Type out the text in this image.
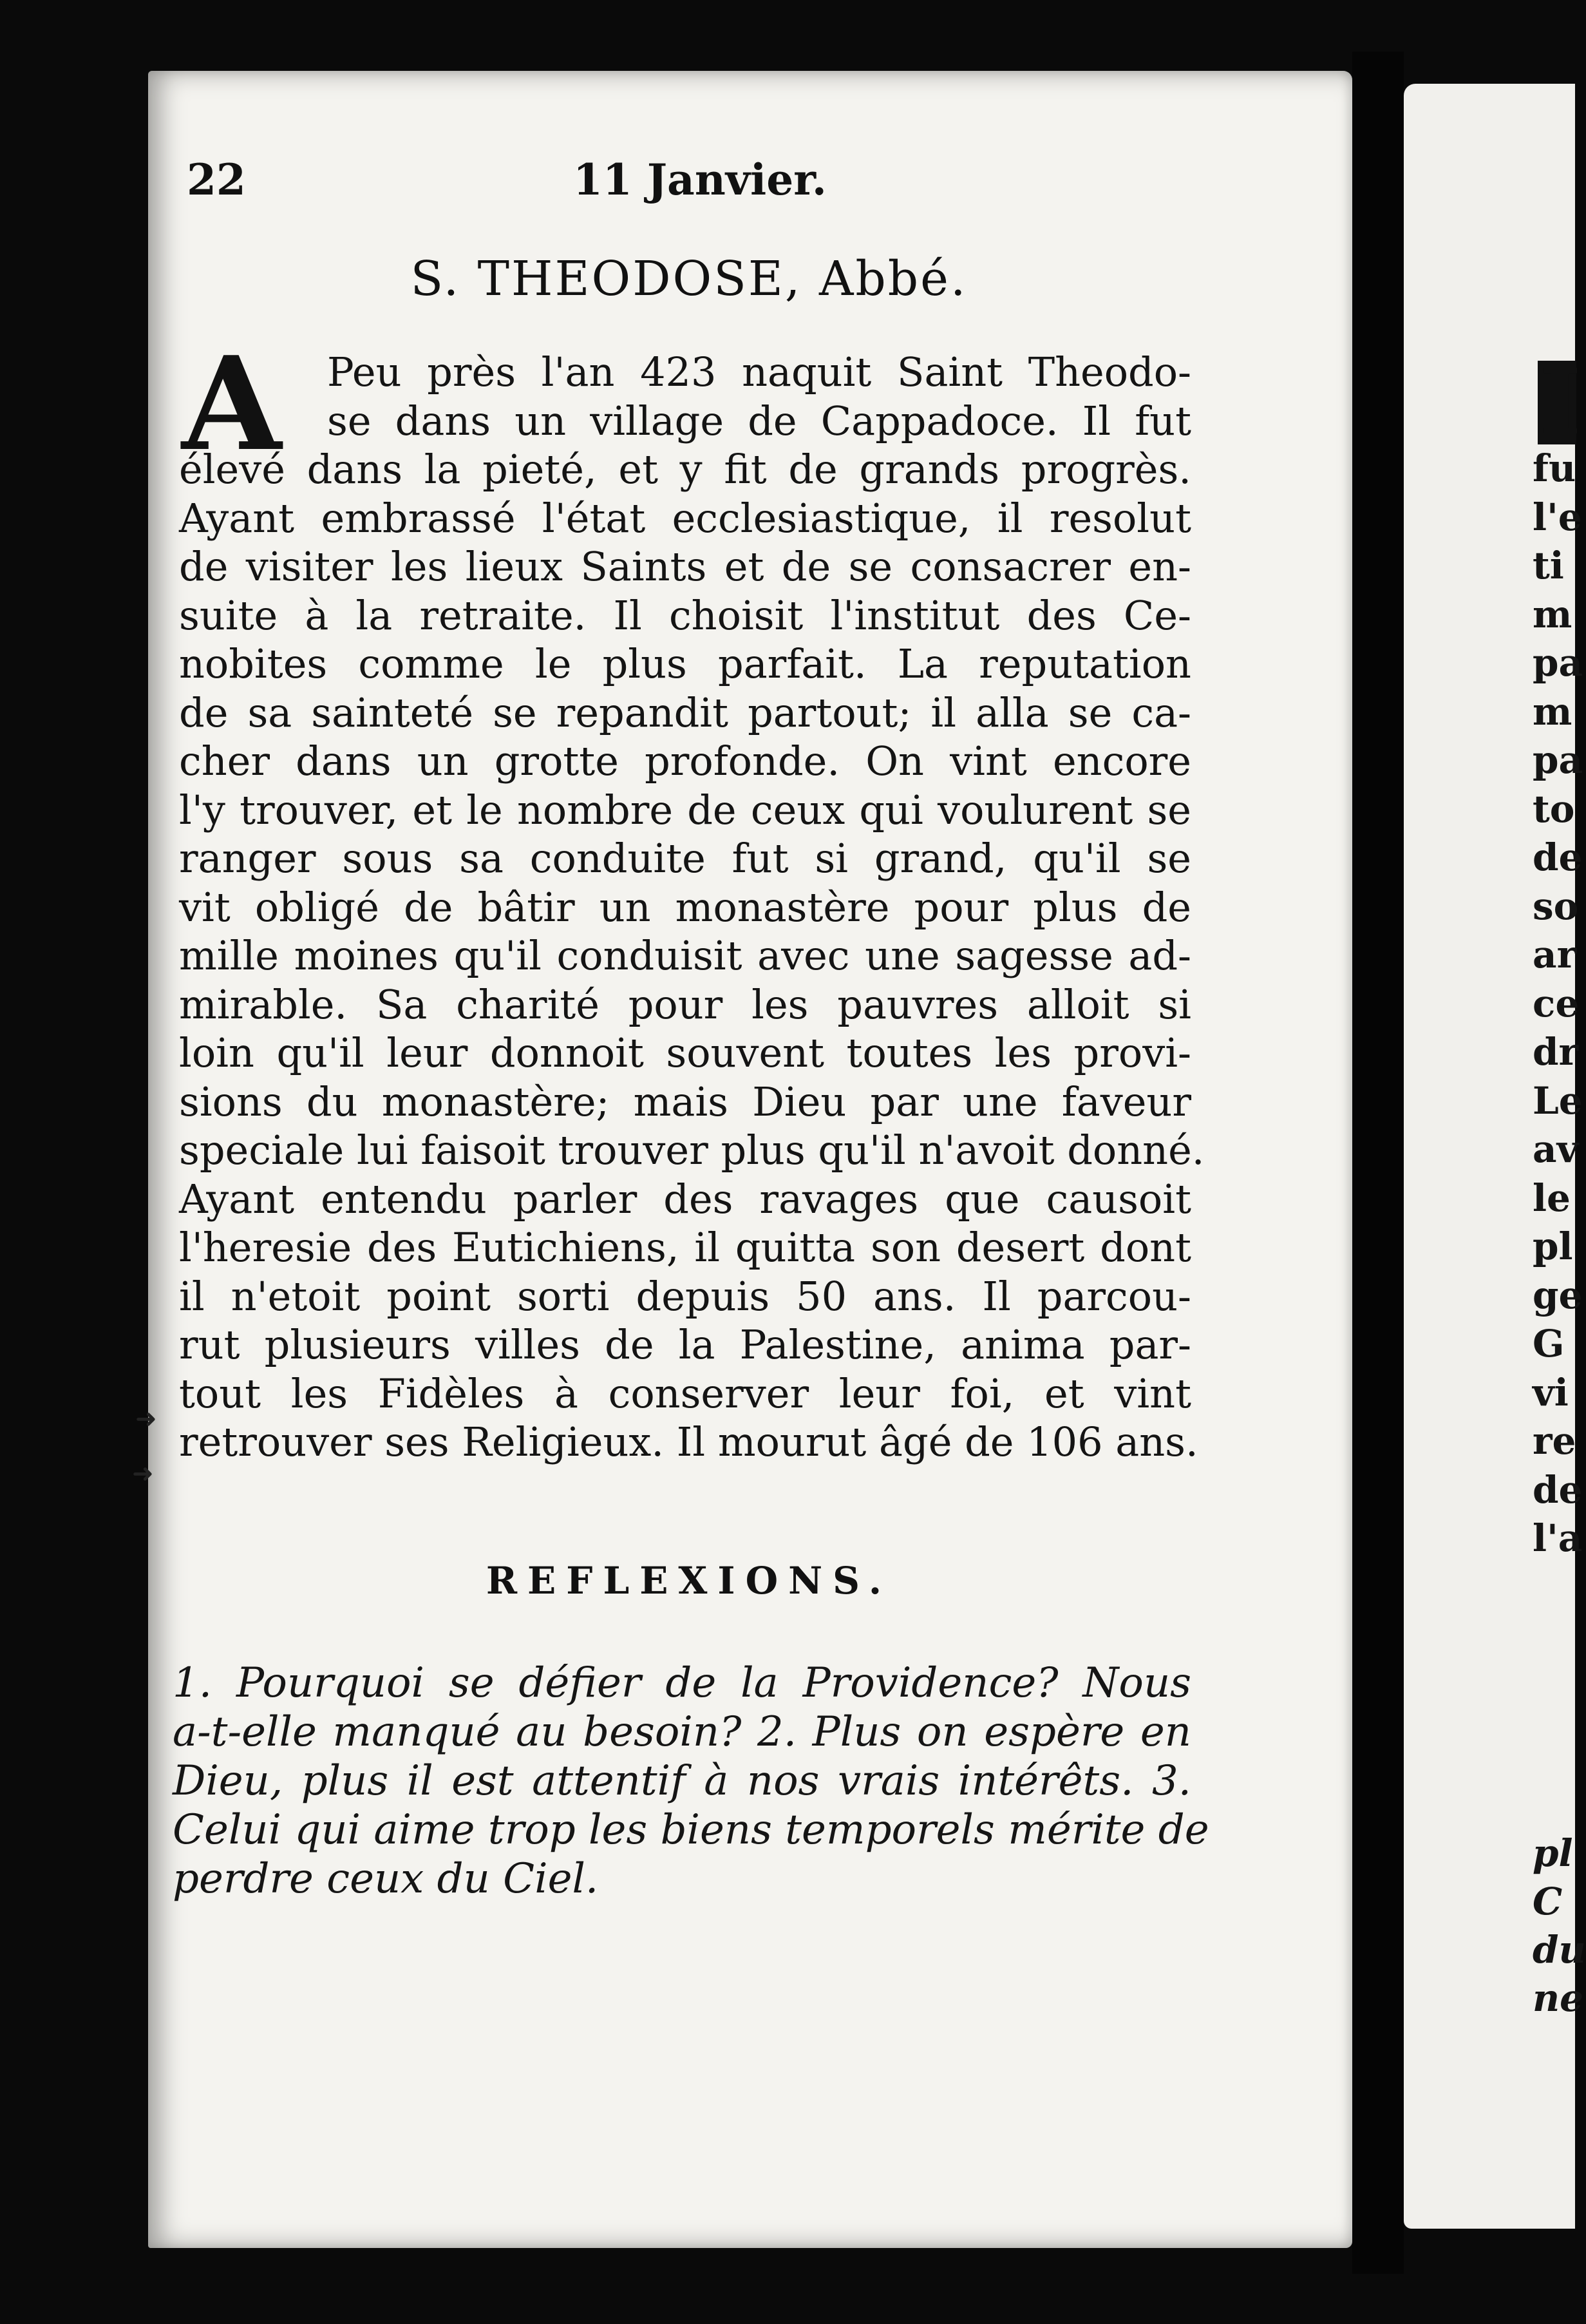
22	11 Janvier.
S. THEODOSE, Abbé.
A	Peu près l'an 423 naquit Saint Theodo-
se dans un village de Cappadoce. Il fut
élevé dans la pieté, et y fit de grands progrès.
Ayant embrassé l'état ecclesiastique, il resolut
de visiter les lieux Saints et de se consacrer en-
suite à la retraite. Il choisit l'institut des Ce-
nobites comme le plus parfait. La reputation
de sa sainteté se repandit partout; il alla se ca-
cher dans un grotte profonde. On vint encore
l'y trouver, et le nombre de ceux qui voulurent se
ranger sous sa conduite fut si grand, qu'il se
vit obligé de bâtir un monastère pour plus de
mille moines qu'il conduisit avec une sagesse ad-
mirable. Sa charité pour les pauvres alloit si
loin qu'il leur donnoit souvent toutes les provi-
sions du monastère; mais Dieu par une faveur
speciale lui faisoit trouver plus qu'il n'avoit donné.
Ayant entendu parler des ravages que causoit
l'heresie des Eutichiens, il quitta son desert dont
il n'etoit point sorti depuis 50 ans. Il parcou-
rut plusieurs villes de la Palestine, anima par-
tout les Fidèles à conserver leur foi, et vint
retrouver ses Religieux. Il mourut âgé de 106 ans.
REFLEXIONS.
1. Pourquoi se défier de la Providence? Nous
a-t-elle manqué au besoin? 2. Plus on espère en
Dieu, plus il est attentif à nos vrais intérêts. 3.
Celui qui aime trop les biens temporels mérite de
perdre ceux du Ciel.
I
fu
l'e
ti
m
pa
m
pa
to
de
so
ar
ce
dr
Le
av
le
pl
ge
G
vi
re
de
l'a
pl
C
du
ne
➜
➜
